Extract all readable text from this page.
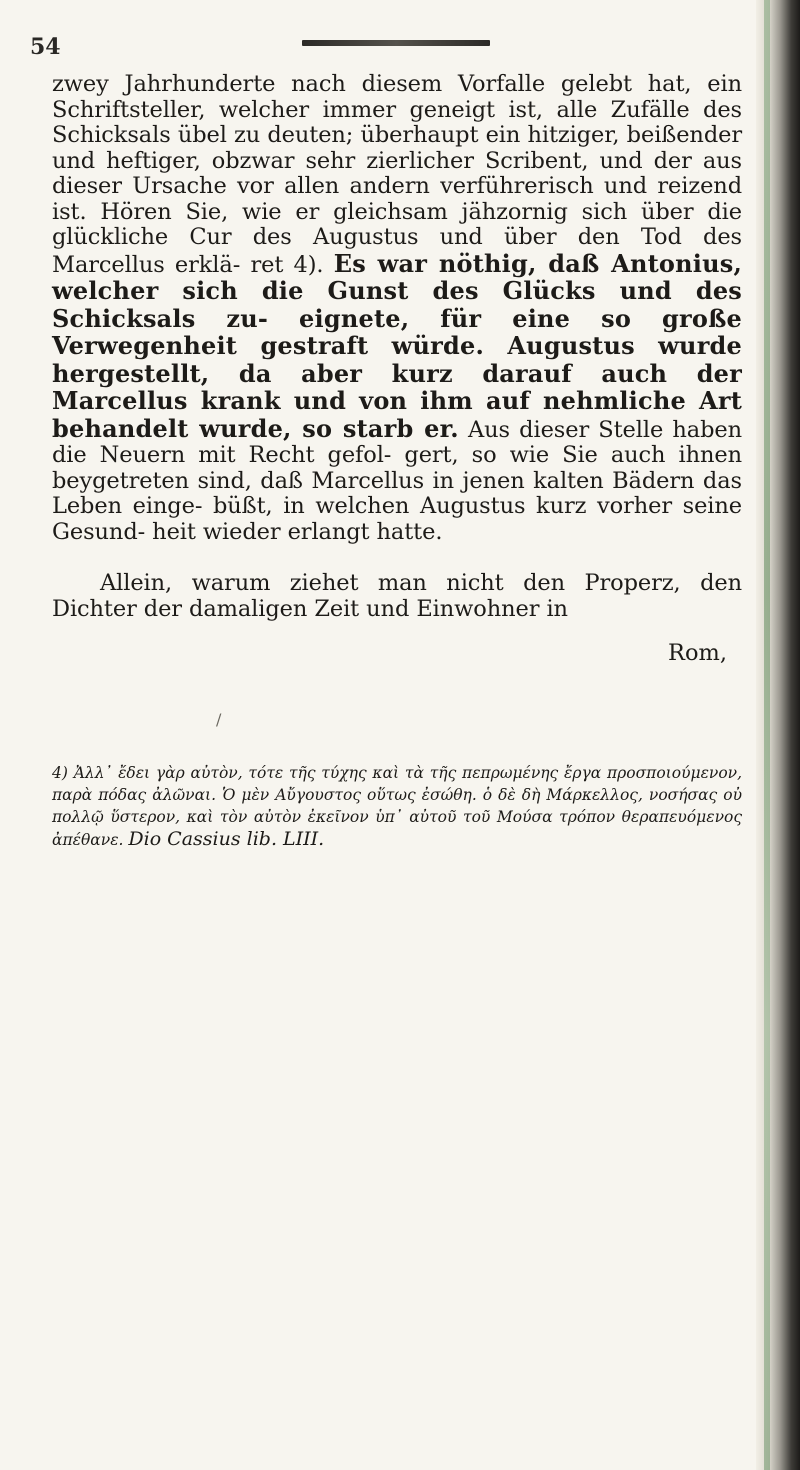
54

zwey Jahrhunderte nach diesem Vorfalle gelebt hat, ein Schriftsteller, welcher immer geneigt ist, alle Zufälle des Schicksals übel zu deuten; überhaupt ein hitziger, beißender und heftiger, obzwar sehr zierlicher Scribent, und der aus dieser Ursache vor allen andern verführerisch und reizend ist. Hören Sie, wie er gleichsam jähzornig sich über die glückliche Cur des Augustus und über den Tod des Marcellus erklä- ret 4). Es war nöthig, daß Antonius, welcher sich die Gunst des Glücks und des Schicksals zu- eignete, für eine so große Verwegenheit gestraft würde. Augustus wurde hergestellt, da aber kurz darauf auch der Marcellus krank und von ihm auf nehmliche Art behandelt wurde, so starb er. Aus dieser Stelle haben die Neuern mit Recht gefol- gert, so wie Sie auch ihnen beygetreten sind, daß Marcellus in jenen kalten Bädern das Leben einge- büßt, in welchen Augustus kurz vorher seine Gesund- heit wieder erlangt hatte.

Allein, warum ziehet man nicht den Properz, den Dichter der damaligen Zeit und Einwohner in

Rom,
/
4) Ἀλλ᾽ ἔδει γὰρ αὐτὸν, τότε τῆς τύχης καὶ τὰ τῆς πεπρωμένης ἔργα προσποιούμενον, παρὰ πόδας ἀλῶναι. Ὁ μὲν Αὔγουστος οὕτως ἐσώθη. ὁ δὲ δὴ Μάρκελλος, νοσήσας οὐ πολλῷ ὕστερον, καὶ τὸν αὐτὸν ἐκεῖνον ὑπ᾽ αὐτοῦ τοῦ Μούσα τρόπον θεραπευόμενος ἀπέθανε. Dio Cassius lib. LIII.
